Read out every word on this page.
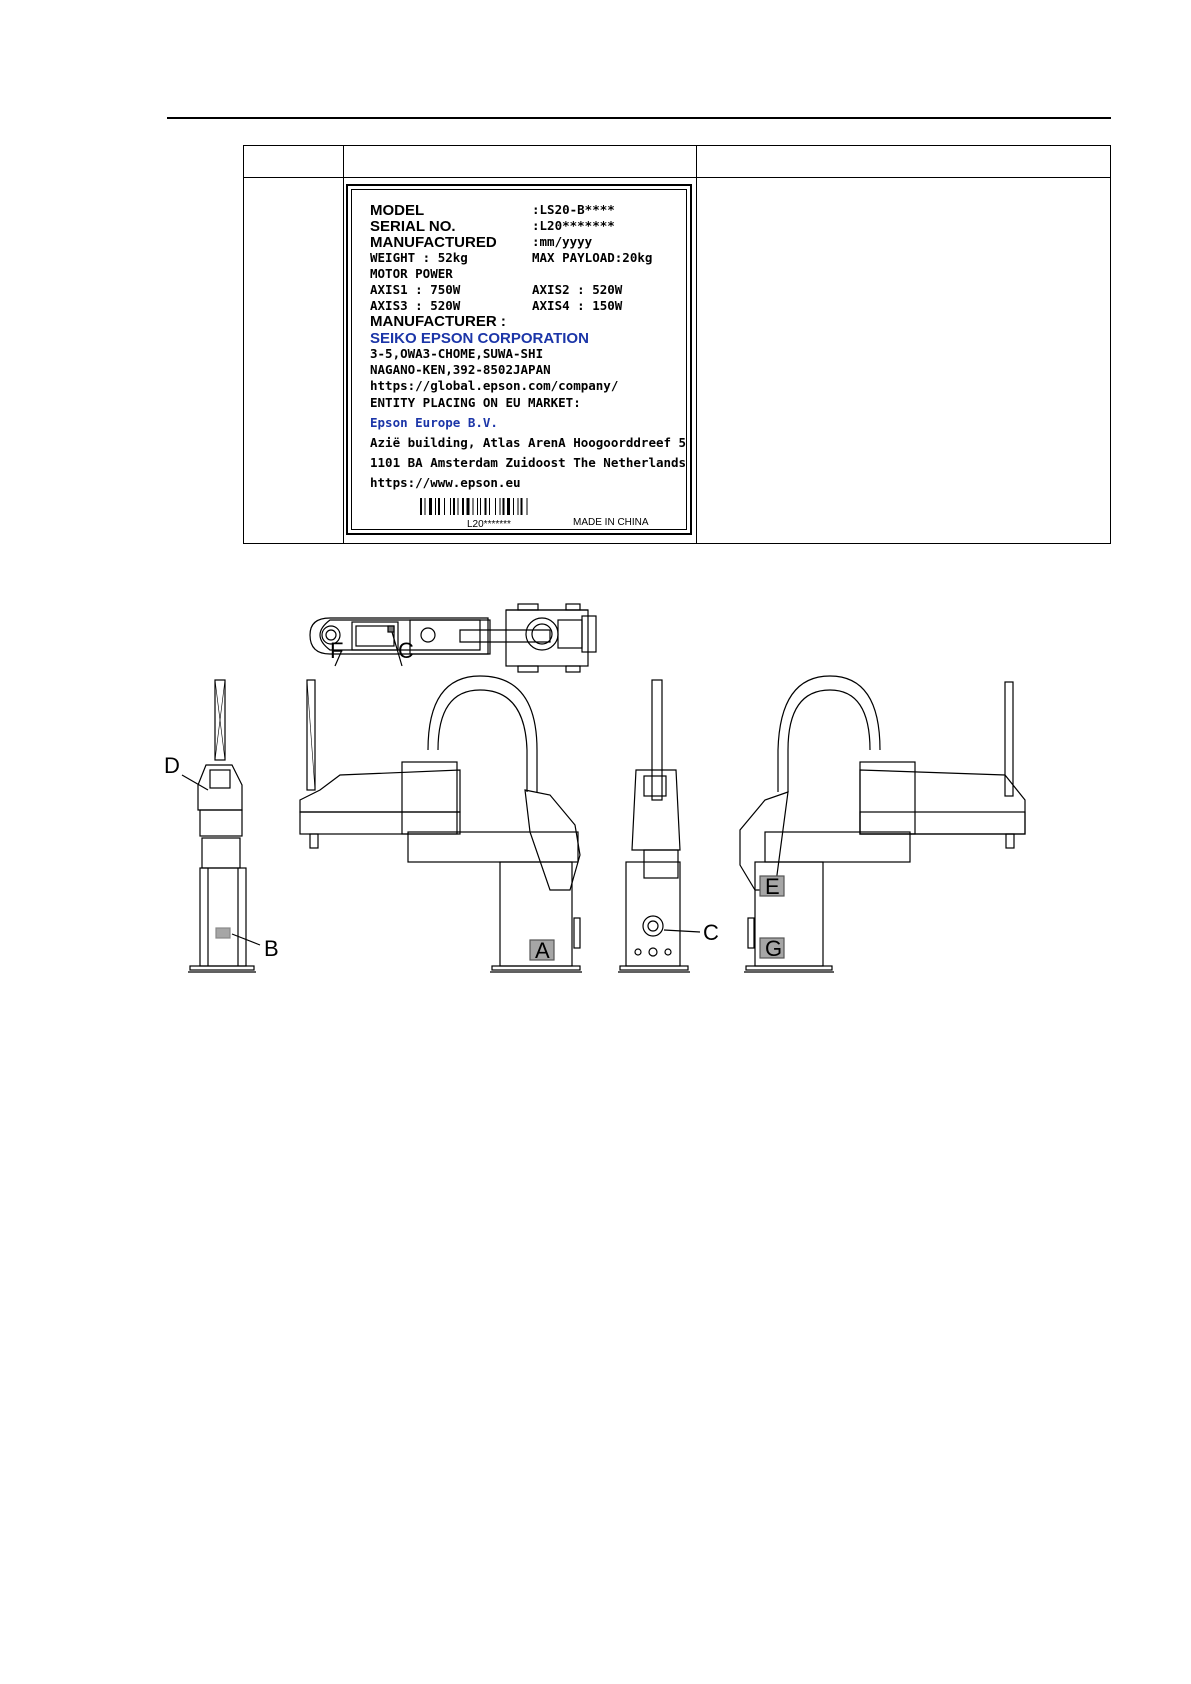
MODEL	:LS20-B****
SERIAL NO.	:L20*******
MANUFACTURED	:mm/yyyy
WEIGHT : 52kg	MAX PAYLOAD:20kg
MOTOR POWER
AXIS1 : 750W	AXIS2 : 520W
AXIS3 : 520W	AXIS4 : 150W
MANUFACTURER :
SEIKO EPSON CORPORATION
3-5,OWA3-CHOME,SUWA-SHI
NAGANO-KEN,392-8502JAPAN
https://global.epson.com/company/
ENTITY PLACING ON EU MARKET:
Epson Europe B.V.
Azië building, Atlas ArenA Hoogoorddreef 5
1101 BA Amsterdam Zuidoost The Netherlands
https://www.epson.eu
L20*******	MADE IN CHINA
F C
D
B	A
C
E
G
